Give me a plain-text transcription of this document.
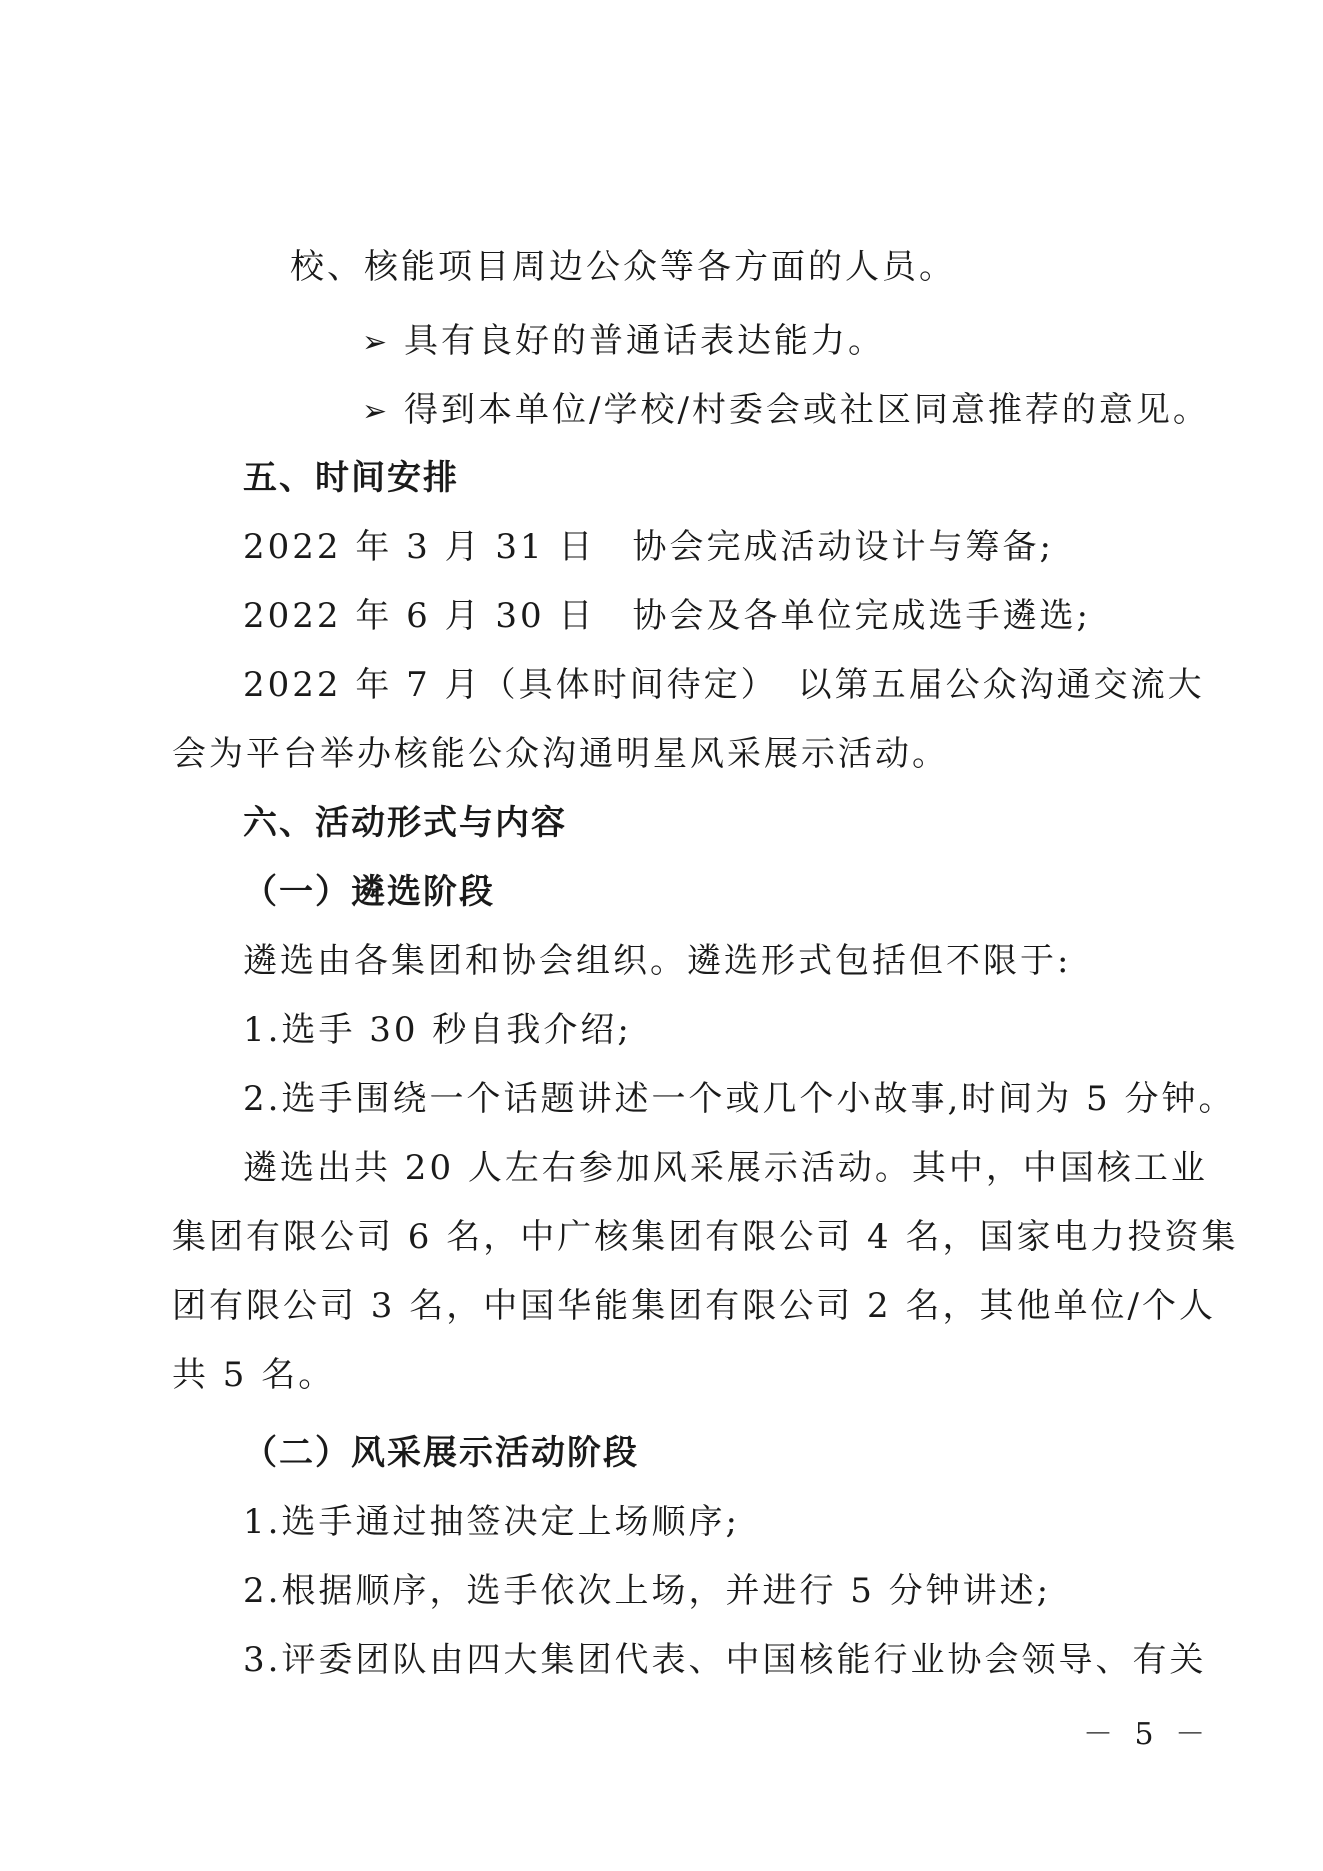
校、核能项目周边公众等各方面的人员。
➢ 具有良好的普通话表达能力。
➢ 得到本单位/学校/村委会或社区同意推荐的意见。
五、时间安排
2022 年 3 月 31 日　协会完成活动设计与筹备;
2022 年 6 月 30 日　协会及各单位完成选手遴选;
2022 年 7 月（具体时间待定）　以第五届公众沟通交流大
会为平台举办核能公众沟通明星风采展示活动。
六、活动形式与内容
（一）遴选阶段
遴选由各集团和协会组织。遴选形式包括但不限于:
1.选手 30 秒自我介绍;
2.选手围绕一个话题讲述一个或几个小故事,时间为 5 分钟。
遴选出共 20 人左右参加风采展示活动。其中，中国核工业
集团有限公司 6 名，中广核集团有限公司 4 名，国家电力投资集
团有限公司 3 名，中国华能集团有限公司 2 名，其他单位/个人
共 5 名。
（二）风采展示活动阶段
1.选手通过抽签决定上场顺序;
2.根据顺序，选手依次上场，并进行 5 分钟讲述;
3.评委团队由四大集团代表、中国核能行业协会领导、有关
－ 5 －
